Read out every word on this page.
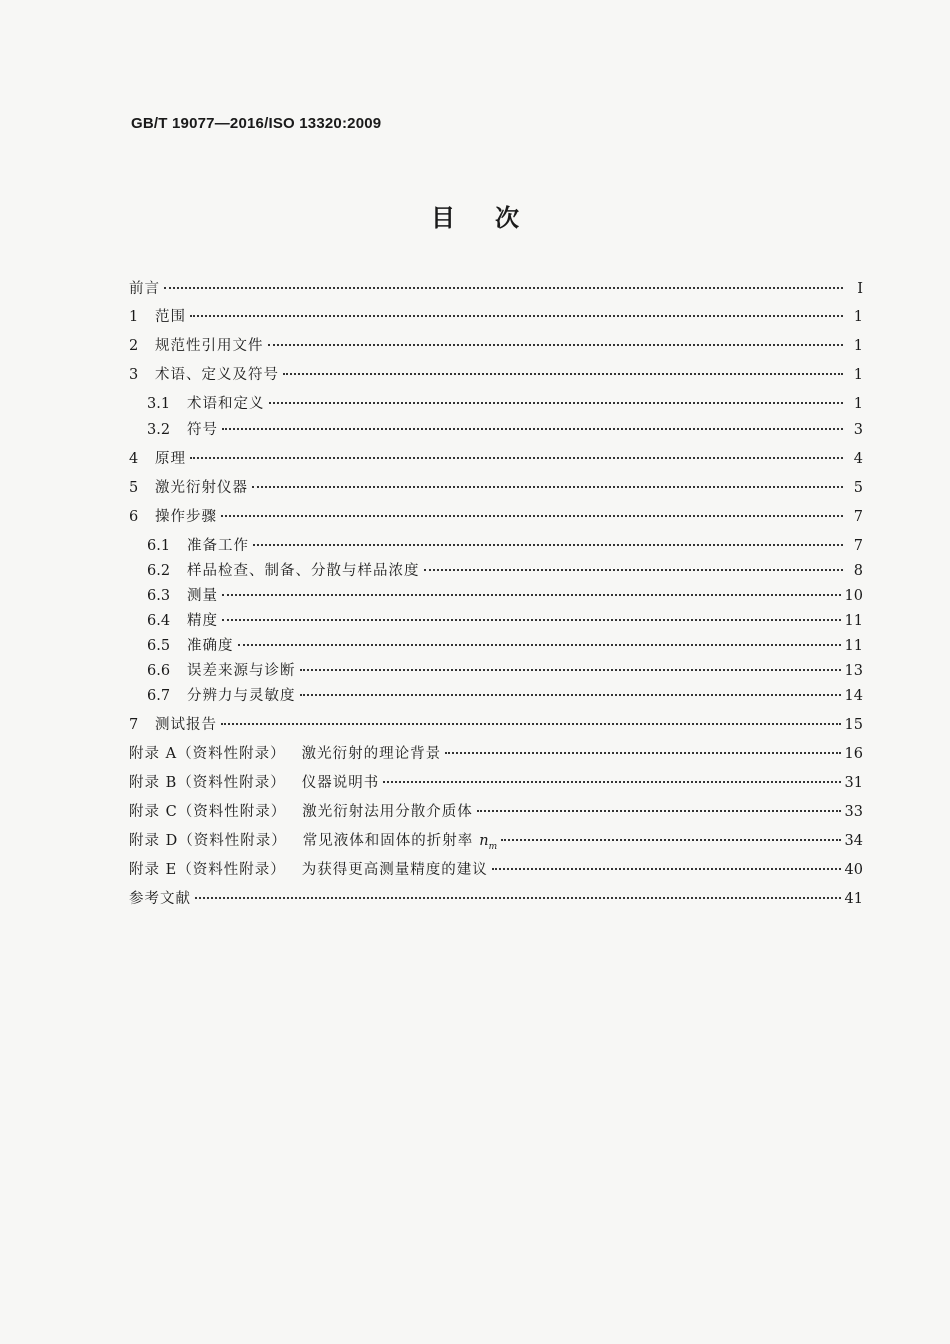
GB/T 19077—2016/ISO 13320:2009
目次
前言	I
1	范围	1
2	规范性引用文件	1
3	术语、定义及符号	1
3.1	术语和定义	1
3.2	符号	3
4	原理	4
5	激光衍射仪器	5
6	操作步骤	7
6.1	准备工作	7
6.2	样品检查、制备、分散与样品浓度	8
6.3	测量	10
6.4	精度	11
6.5	准确度	11
6.6	误差来源与诊断	13
6.7	分辨力与灵敏度	14
7	测试报告	15
附录 A（资料性附录） 激光衍射的理论背景	16
附录 B（资料性附录） 仪器说明书	31
附录 C（资料性附录） 激光衍射法用分散介质体	33
附录 D（资料性附录） 常见液体和固体的折射率 $n_m$	34
附录 E（资料性附录） 为获得更高测量精度的建议	40
参考文献	41
